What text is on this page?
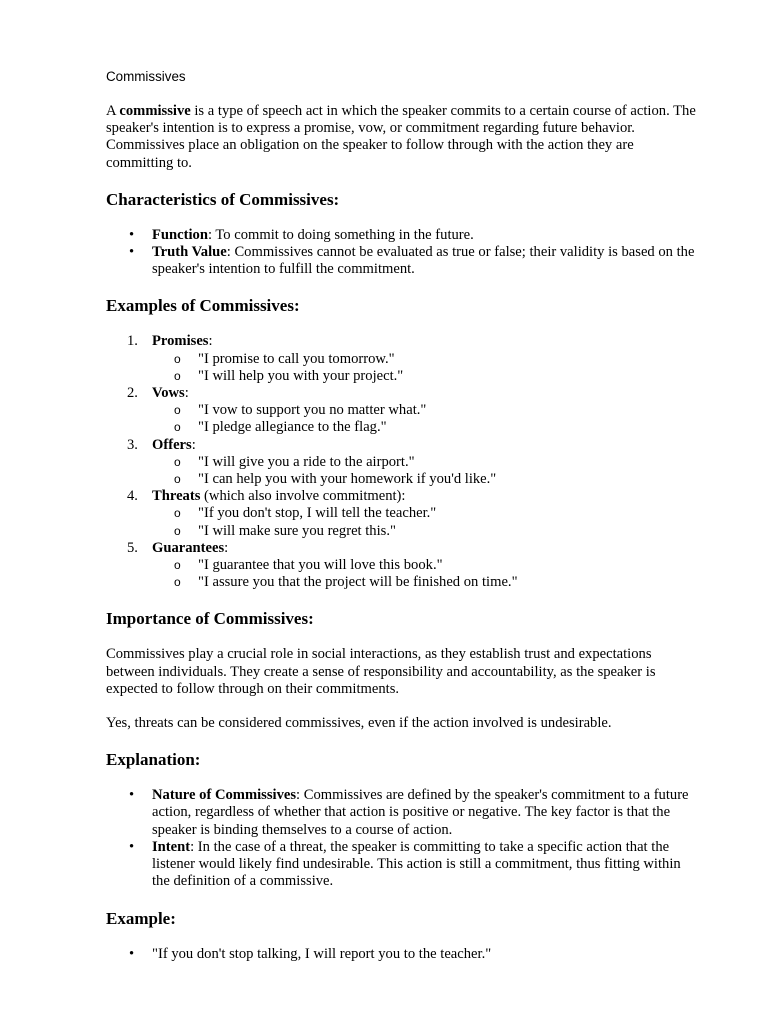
Commissives

A commissive is a type of speech act in which the speaker commits to a certain course of action. The speaker's intention is to express a promise, vow, or commitment regarding future behavior. Commissives place an obligation on the speaker to follow through with the action they are committing to.

Characteristics of Commissives:
• Function: To commit to doing something in the future.
• Truth Value: Commissives cannot be evaluated as true or false; their validity is based on the speaker's intention to fulfill the commitment.
Examples of Commissives:
1. Promises:
o "I promise to call you tomorrow."
o "I will help you with your project."
2. Vows:
o "I vow to support you no matter what."
o "I pledge allegiance to the flag."
3. Offers:
o "I will give you a ride to the airport."
o "I can help you with your homework if you'd like."
4. Threats (which also involve commitment):
o "If you don't stop, I will tell the teacher."
o "I will make sure you regret this."
5. Guarantees:
o "I guarantee that you will love this book."
o "I assure you that the project will be finished on time."
Importance of Commissives:

Commissives play a crucial role in social interactions, as they establish trust and expectations between individuals. They create a sense of responsibility and accountability, as the speaker is expected to follow through on their commitments.

Yes, threats can be considered commissives, even if the action involved is undesirable.

Explanation:
• Nature of Commissives: Commissives are defined by the speaker's commitment to a future action, regardless of whether that action is positive or negative. The key factor is that the speaker is binding themselves to a course of action.
• Intent: In the case of a threat, the speaker is committing to take a specific action that the listener would likely find undesirable. This action is still a commitment, thus fitting within the definition of a commissive.
Example:
• "If you don't stop talking, I will report you to the teacher."
